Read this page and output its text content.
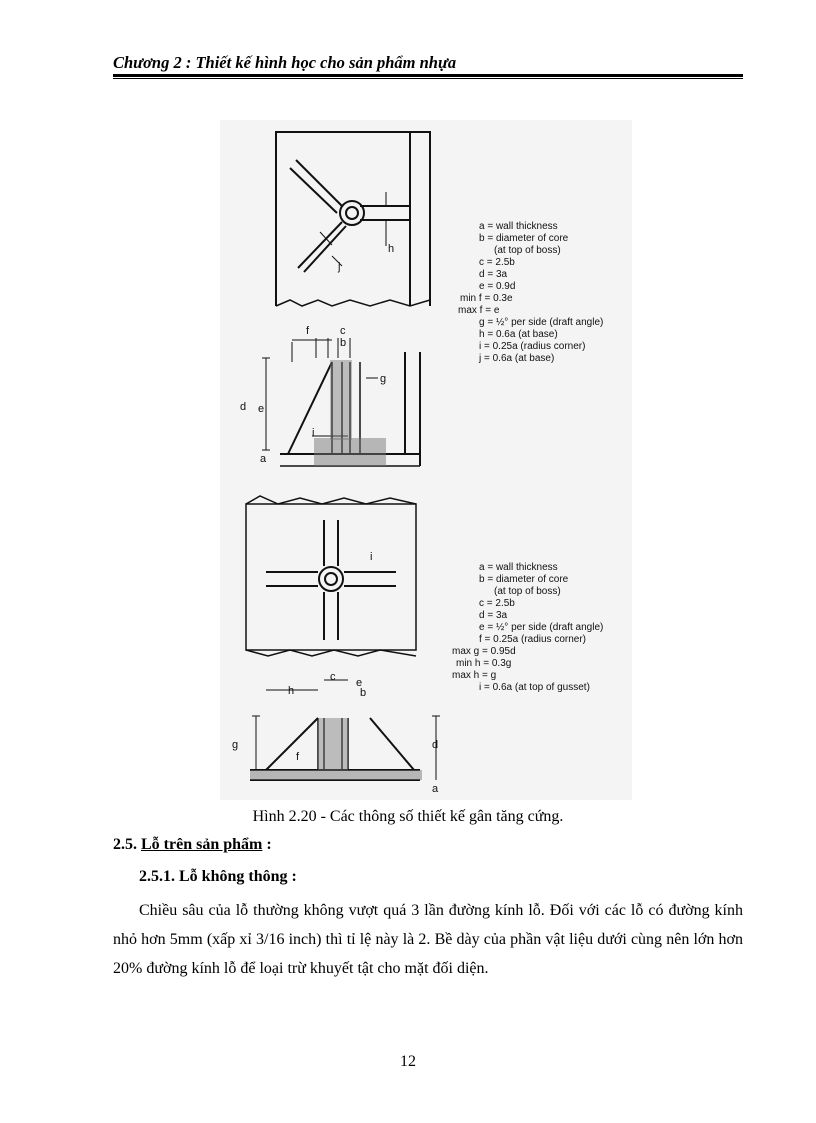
Chương 2 : Thiết kế hình học cho sản phẩm nhựa
h
j
d e
f	c
b
g
i
a
a = wall thickness
b = diameter of core
(at top of boss)
c = 2.5b
d = 3a
e = 0.9d
min f = 0.3e
max f = e
g = ½° per side (draft angle)
h = 0.6a (at base)
i = 0.25a (radius corner)
j = 0.6a (at base)
i
g
h
c e
b
d
f
a
a = wall thickness
b = diameter of core
(at top of boss)
c = 2.5b
d = 3a
e = ½° per side (draft angle)
f = 0.25a (radius corner)
max g = 0.95d
min h = 0.3g
max h = g
i = 0.6a (at top of gusset)
Hình 2.20 - Các thông số thiết kế gân tăng cứng.
2.5. Lỗ trên sản phẩm :
2.5.1. Lỗ không thông :
Chiều sâu của lỗ thường không vượt quá 3 lần đường kính lỗ. Đối với các lỗ có đường kính nhỏ hơn 5mm (xấp xỉ 3/16 inch) thì tỉ lệ này là 2. Bề dày của phần vật liệu dưới cùng nên lớn hơn 20% đường kính lỗ để loại trừ khuyết tật cho mặt đối diện.
12
